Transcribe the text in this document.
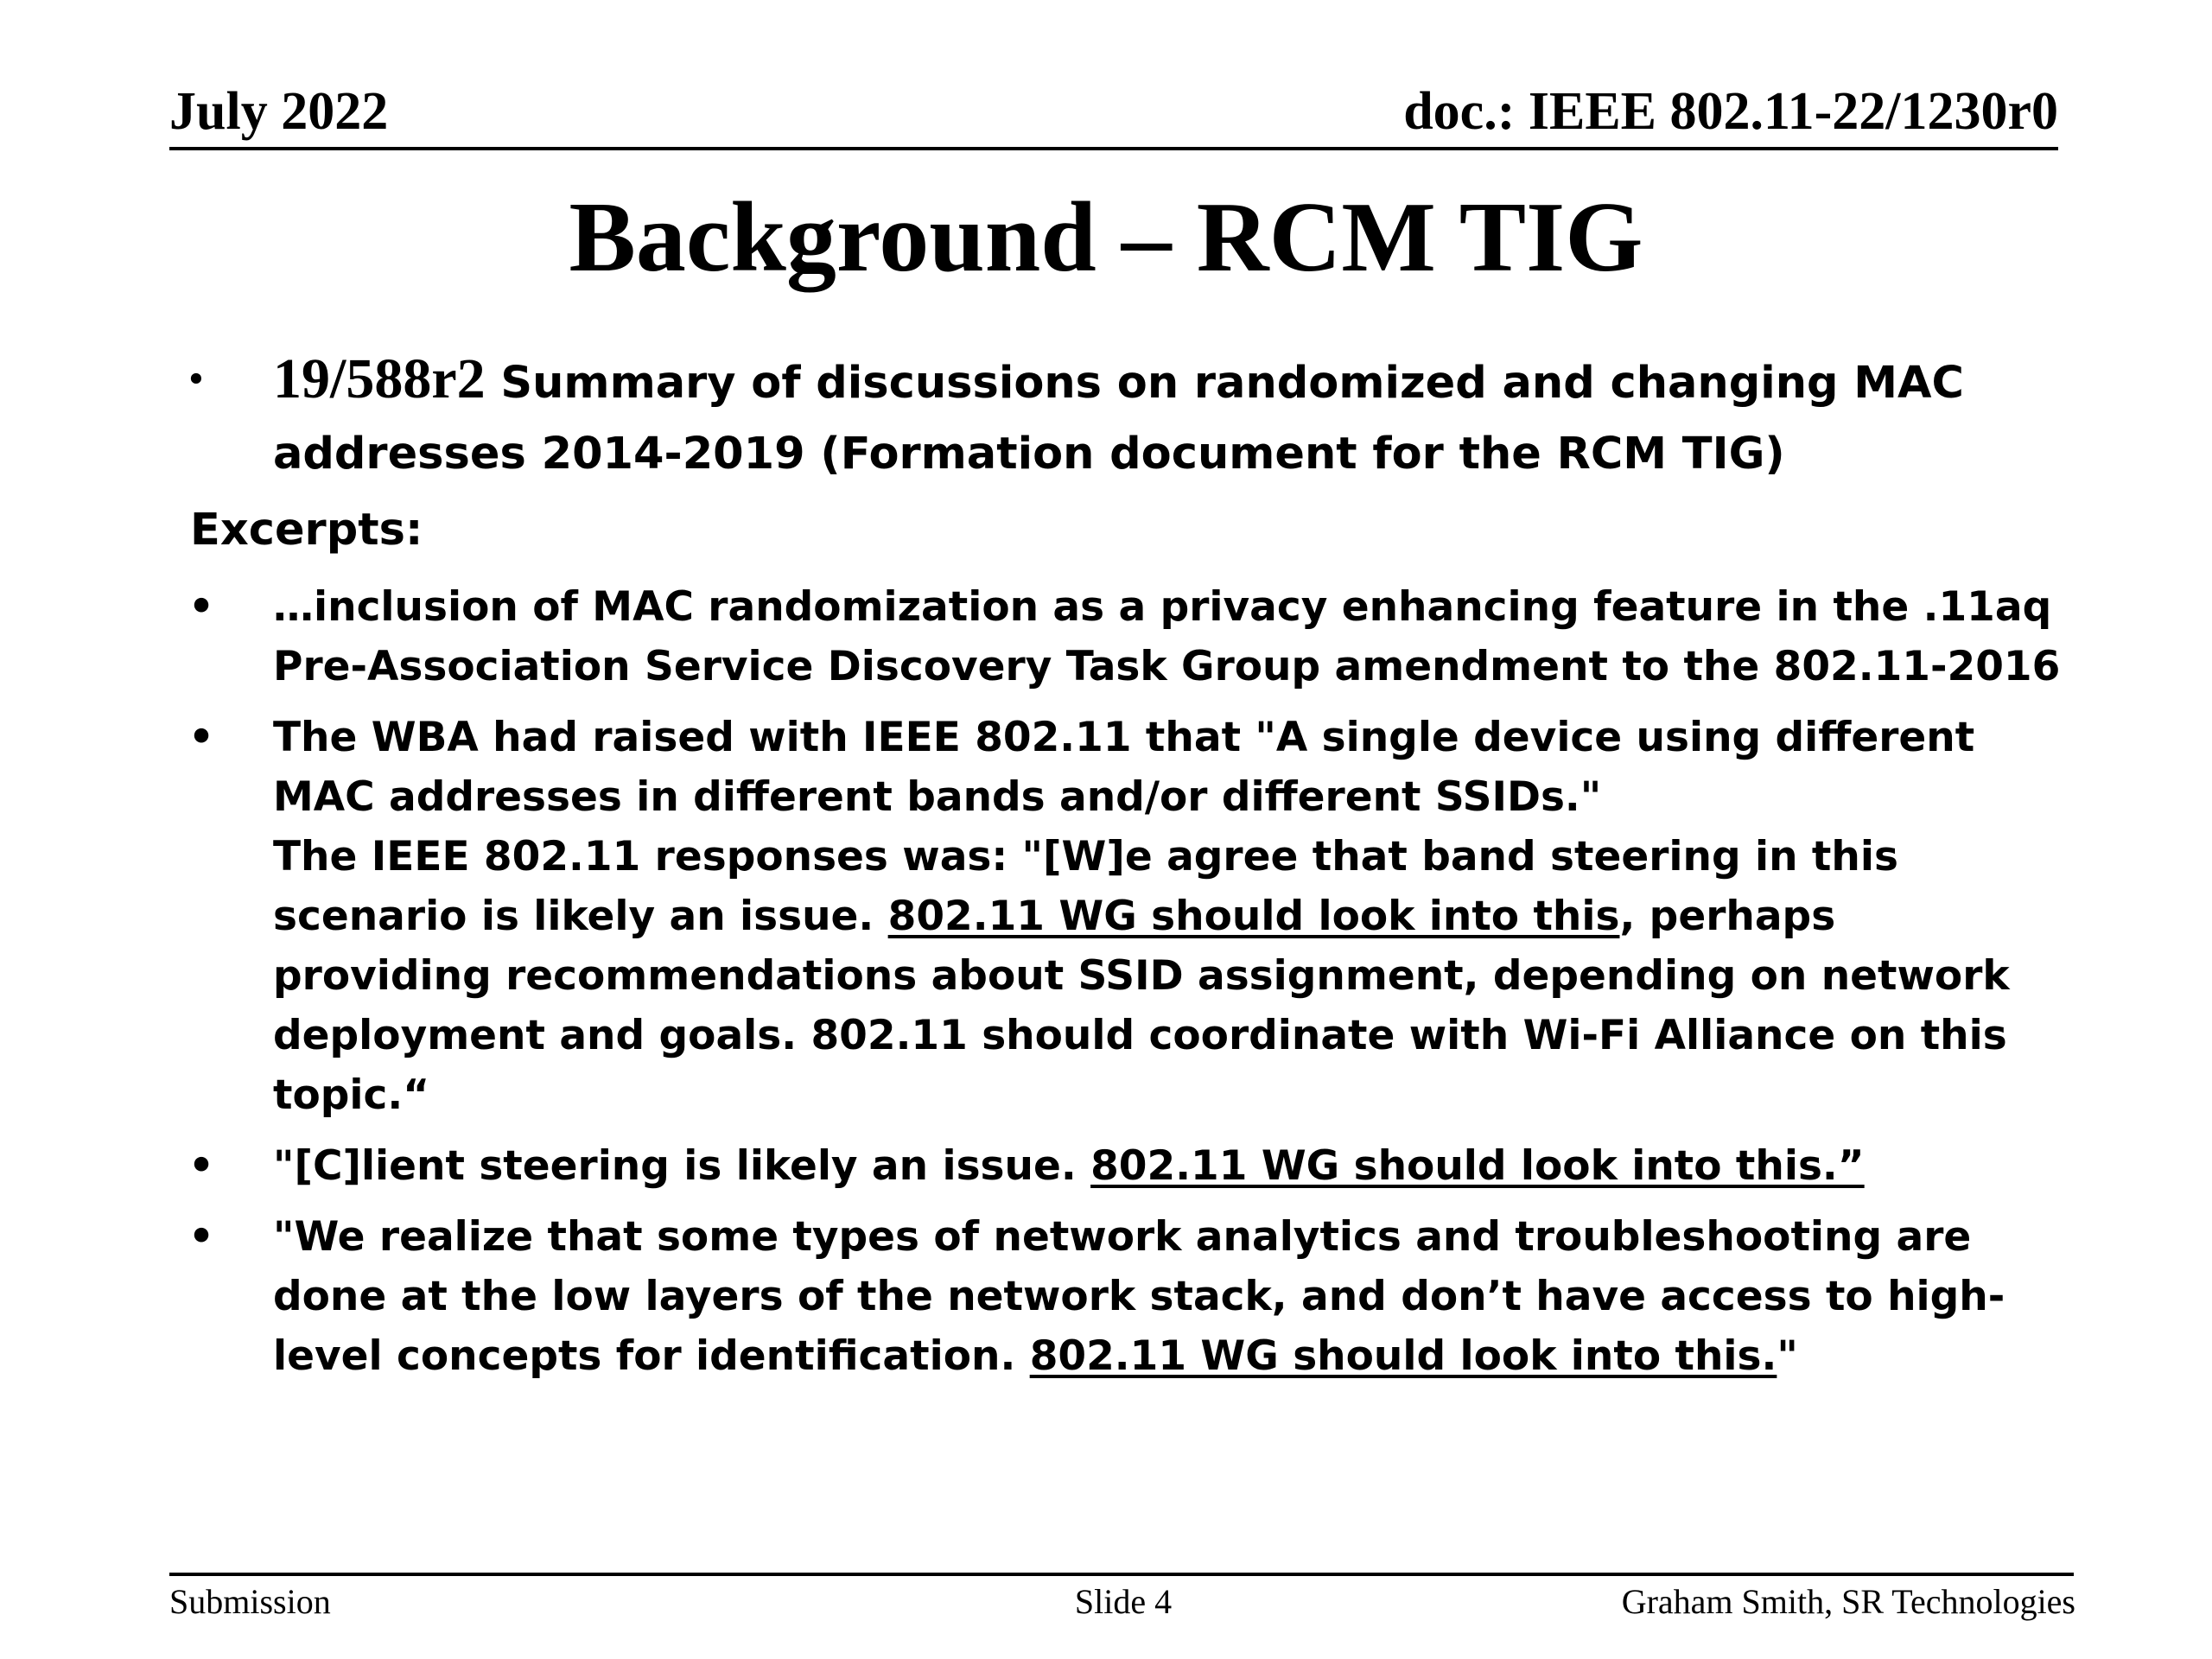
July 2022	doc.: IEEE 802.11-22/1230r0
Background – RCM TIG
•	19/588r2 Summary of discussions on randomized and changing MAC addresses 2014-2019 (Formation document for the RCM TIG)
Excerpts:
• …inclusion of MAC randomization as a privacy enhancing feature in the .11aq Pre-Association Service Discovery Task Group amendment to the 802.11-2016
• The WBA had raised with IEEE 802.11 that "A single device using different MAC addresses in different bands and/or different SSIDs."
The IEEE 802.11 responses was: "[W]e agree that band steering in this scenario is likely an issue. 802.11 WG should look into this, perhaps providing recommendations about SSID assignment, depending on network deployment and goals. 802.11 should coordinate with Wi-Fi Alliance on this topic.“
• "[C]lient steering is likely an issue. 802.11 WG should look into this.”
• "We realize that some types of network analytics and troubleshooting are done at the low layers of the network stack, and don’t have access to high-level concepts for identification. 802.11 WG should look into this."
Submission	Slide 4	Graham Smith, SR Technologies
